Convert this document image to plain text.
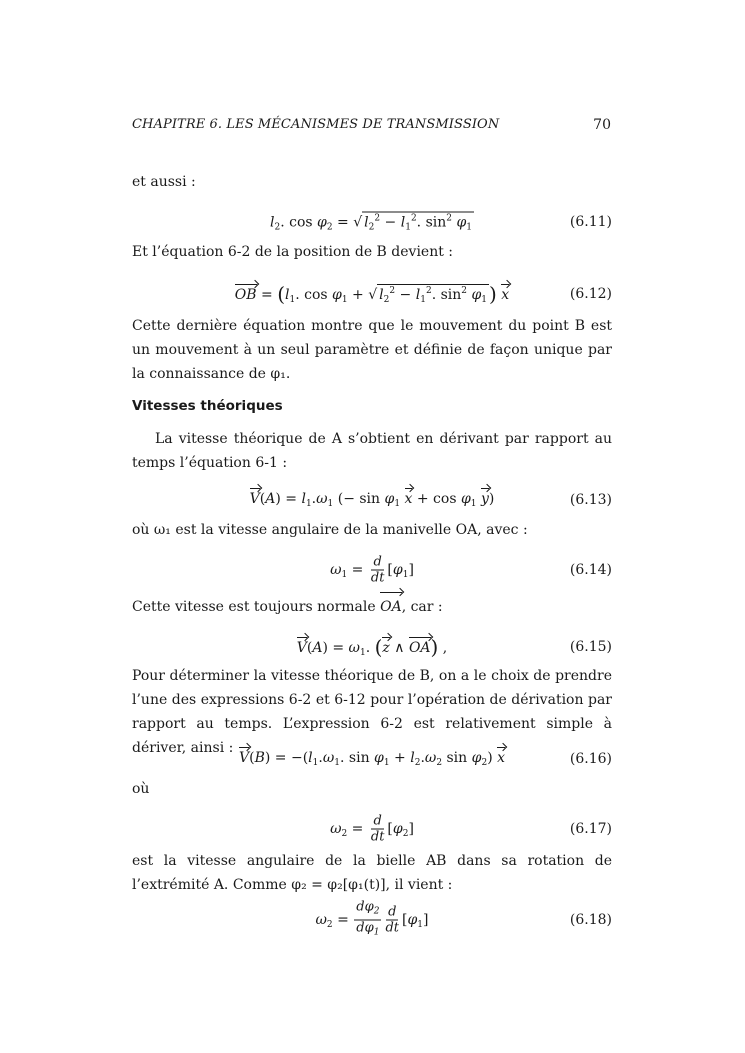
CHAPITRE 6. LES MÉCANISMES DE TRANSMISSION	70
et aussi :
$l_2$. $\cos \varphi_2$ = √ $l_2^2 - l_1^2$. $\sin^2 \varphi_1$	(6.11)
Et l’équation 6-2 de la position de B devient :
OB = ($l_1$. $\cos \varphi_1$ + √ $l_2^2 - l_1^2$. $\sin^2 \varphi_1$ ) x	(6.12)
Cette dernière équation montre que le mouvement du point B est un mouvement à un seul paramètre et définie de façon unique par la connaissance de φ₁.
Vitesses théoriques
La vitesse théorique de A s’obtient en dérivant par rapport au temps l’équation 6-1 :
$V(A) = l_1.\omega_1$ (− $\sin \varphi_1$ $x + \cos \varphi_1$ y)	(6.13)
où ω₁ est la vitesse angulaire de la manivelle OA, avec :
$\omega_1 = \frac{d}{dt} [\varphi_1]$	(6.14)
Cette vitesse est toujours normale OA, car :
$V(A) = \omega_1$. (z ∧ OA) ,	(6.15)
Pour déterminer la vitesse théorique de B, on a le choix de prendre l’une des expressions 6-2 et 6-12 pour l’opération de dérivation par rapport au temps. L’expression 6-2 est relativement simple à dériver, ainsi :
$V(B) = -(l_1.\omega_1$. $\sin \varphi_1 + l_2.\omega_2$ $\sin \varphi_2$) x	(6.16)
où
$\omega_2 = \frac{d}{dt} [\varphi_2]$	(6.17)
est la vitesse angulaire de la bielle AB dans sa rotation de l’extrémité A. Comme φ₂ = φ₂[φ₁(t)], il vient :
$\omega_2 = \frac{d\varphi_2}{d\varphi_1} \frac{d}{dt} [\varphi_1]$	(6.18)
